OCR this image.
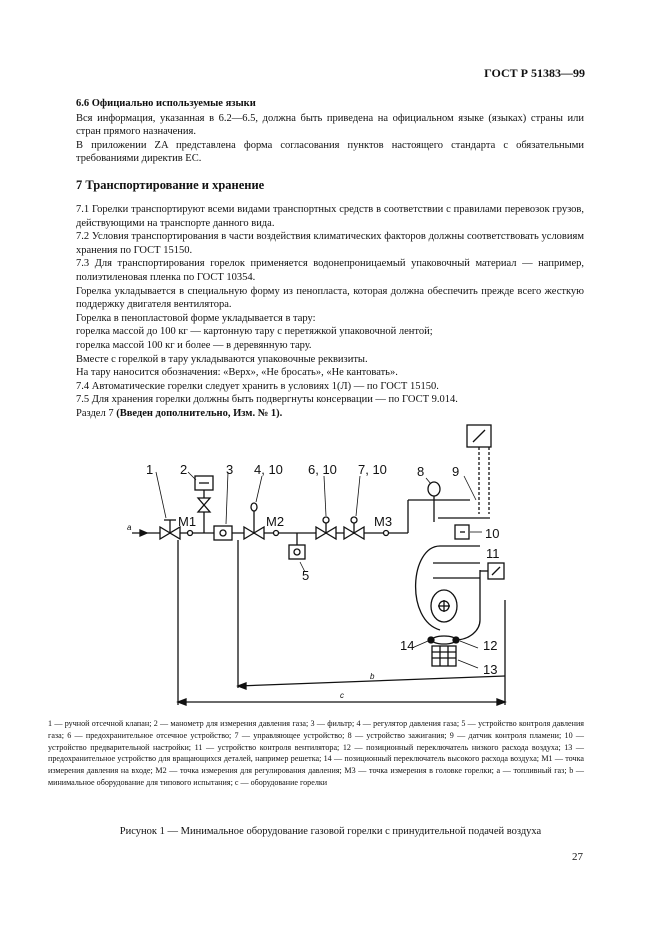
ГОСТ Р 51383—99

6.6 Официально используемые языки

Вся информация, указанная в 6.2—6.5, должна быть приведена на официальном языке (языках) страны или стран прямого назначения.

В приложении ZA представлена форма согласования пунктов настоящего стандарта с обязательными требованиями директив ЕС.

7 Транспортирование и хранение

7.1 Горелки транспортируют всеми видами транспортных средств в соответствии с правилами перевозок грузов, действующими на транспорте данного вида.

7.2 Условия транспортирования в части воздействия климатических факторов должны соответствовать условиям хранения по ГОСТ 15150.

7.3 Для транспортирования горелок применяется водонепроницаемый упаковочный материал — например, полиэтиленовая пленка по ГОСТ 10354.

Горелка укладывается в специальную форму из пенопласта, которая должна обеспечить прежде всего жесткую поддержку двигателя вентилятора.

Горелка в пенопластовой форме укладывается в тару:

горелка массой до 100 кг — картонную тару с перетяжкой упаковочной лентой;

горелка массой 100 кг и более — в деревянную тару.

Вместе с горелкой в тару укладываются упаковочные реквизиты.

На тару наносится обозначения: «Верх», «Не бросать», «Не кантовать».

7.4 Автоматические горелки следует хранить в условиях 1(Л) — по ГОСТ 15150.

7.5 Для хранения горелки должны быть подвергнуты консервации — по ГОСТ 9.014.

Раздел 7 (Введен дополнительно, Изм. № 1).

1 2	3 4, 10 6, 10 7, 10 8 9
10
11
5
14	12
13
M1	M2	M3
a
b
c
1 — ручной отсечной клапан; 2 — манометр для измерения давления газа; 3 — фильтр; 4 — регулятор давления газа; 5 — устройство контроля давления газа; 6 — предохранительное отсечное устройство; 7 — управляющее устройство; 8 — устройство зажигания; 9 — датчик контроля пламени; 10 — устройство предварительной настройки; 11 — устройство контроля вентилятора; 12 — позиционный переключатель низкого расхода воздуха; 13 — предохранительное устройство для вращающихся деталей, например решетка; 14 — позиционный переключатель высокого расхода воздуха; M1 — точка измерения давления на входе; M2 — точка измерения для регулирования давления; M3 — точка измерения в головке горелки; a — топливный газ; b — минимальное оборудование для типового испытания; c — оборудование горелки
Рисунок 1 — Минимальное оборудование газовой горелки с принудительной подачей воздуха
27
